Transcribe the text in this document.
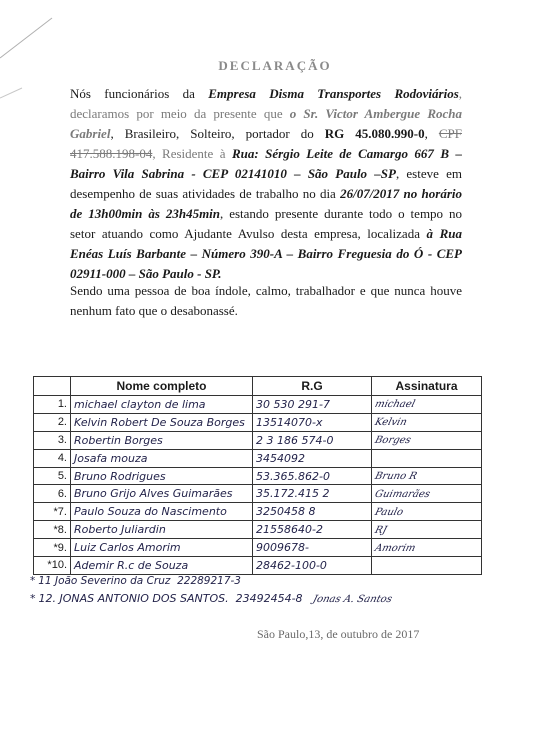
DECLARAÇÃO
Nós funcionários da Empresa Disma Transportes Rodoviários, declaramos por meio da presente que o Sr. Victor Ambergue Rocha Gabriel, Brasileiro, Solteiro, portador do RG 45.080.990-0, CPF 417.588.198-04, Residente à Rua: Sérgio Leite de Camargo 667 B – Bairro Vila Sabrina - CEP 02141010 – São Paulo –SP, esteve em desempenho de suas atividades de trabalho no dia 26/07/2017 no horário de 13h00min às 23h45min, estando presente durante todo o tempo no setor atuando como Ajudante Avulso desta empresa, localizada à Rua Enéas Luís Barbante – Número 390-A – Bairro Freguesia do Ó - CEP 02911-000 – São Paulo - SP.
Sendo uma pessoa de boa índole, calmo, trabalhador e que nunca houve nenhum fato que o desabonassé.
	Nome completo	R.G	Assinatura
1.	michael clayton de lima	30 530 291-7	michael
2.	Kelvin Robert De Souza Borges	13514070-x	Kelvin
3.	Robertin Borges	2 3 186 574-0	Borges
4.	Josafa mouza	3454092	
5.	Bruno Rodrigues	53.365.862-0	Bruno R
6.	Bruno Grijo Alves Guimarães	35.172.415 2	Guimarães
*7.	Paulo Souza do Nascimento	3250458 8	Paulo
*8.	Roberto Juliardin	21558640-2	RJ
*9.	Luiz Carlos Amorim	9009678-	Amorim
*10.	Ademir R.c de Souza	28462-100-0	
* 11 João Severino da Cruz 22289217-3
* 12. JONAS ANTONIO DOS SANTOS. 23492454-8 Jonas A. Santos
São Paulo,13, de outubro de 2017
